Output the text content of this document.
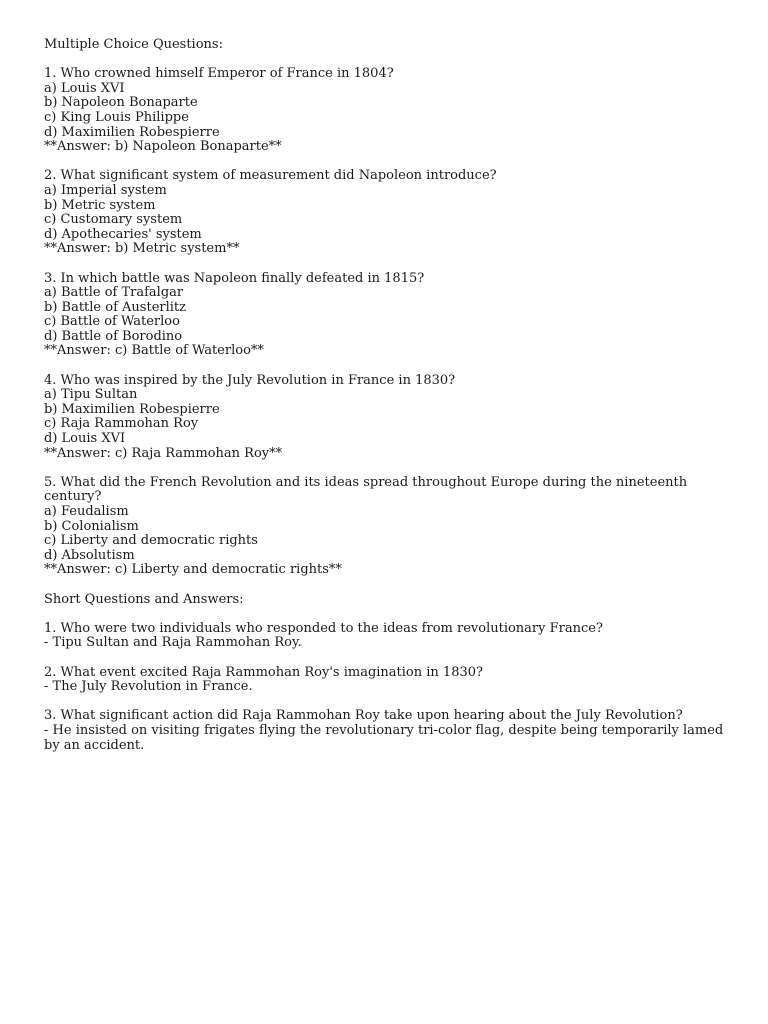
Multiple Choice Questions:
1. Who crowned himself Emperor of France in 1804?
a) Louis XVI
b) Napoleon Bonaparte
c) King Louis Philippe
d) Maximilien Robespierre
**Answer: b) Napoleon Bonaparte**
2. What significant system of measurement did Napoleon introduce?
a) Imperial system
b) Metric system
c) Customary system
d) Apothecaries' system
**Answer: b) Metric system**
3. In which battle was Napoleon finally defeated in 1815?
a) Battle of Trafalgar
b) Battle of Austerlitz
c) Battle of Waterloo
d) Battle of Borodino
**Answer: c) Battle of Waterloo**
4. Who was inspired by the July Revolution in France in 1830?
a) Tipu Sultan
b) Maximilien Robespierre
c) Raja Rammohan Roy
d) Louis XVI
**Answer: c) Raja Rammohan Roy**
5. What did the French Revolution and its ideas spread throughout Europe during the nineteenth century?
a) Feudalism
b) Colonialism
c) Liberty and democratic rights
d) Absolutism
**Answer: c) Liberty and democratic rights**
Short Questions and Answers:
1. Who were two individuals who responded to the ideas from revolutionary France?
- Tipu Sultan and Raja Rammohan Roy.
2. What event excited Raja Rammohan Roy's imagination in 1830?
- The July Revolution in France.
3. What significant action did Raja Rammohan Roy take upon hearing about the July Revolution?
- He insisted on visiting frigates flying the revolutionary tri-color flag, despite being temporarily lamed by an accident.
